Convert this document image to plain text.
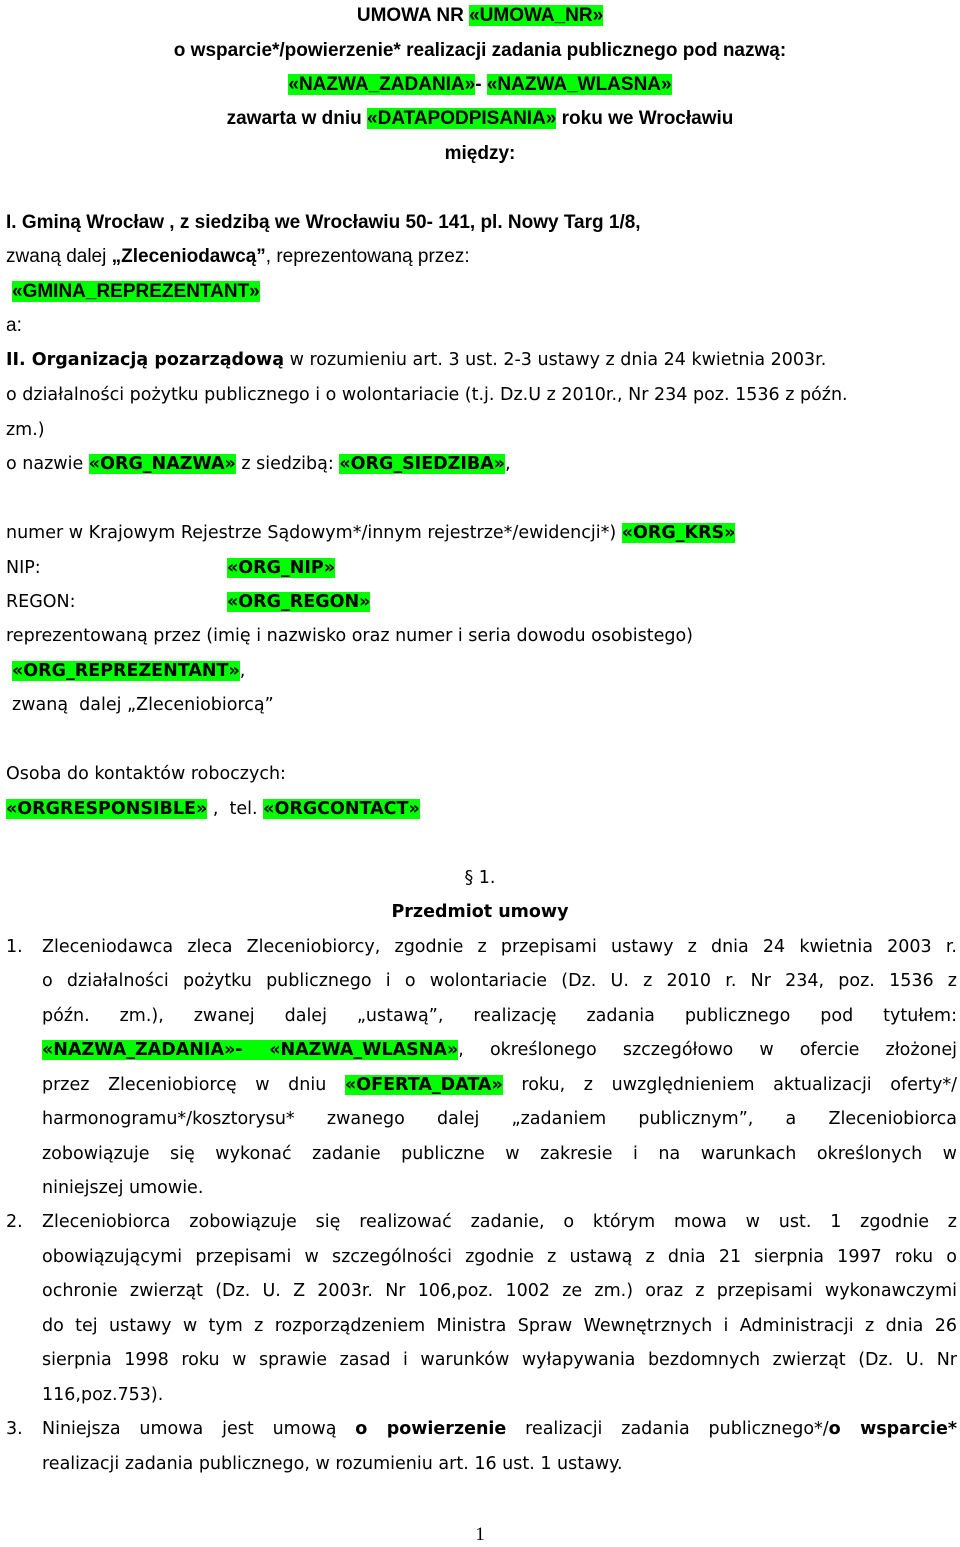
UMOWA NR «UMOWA_NR»
o wsparcie*/powierzenie* realizacji zadania publicznego pod nazwą:
«NAZWA_ZADANIA»- «NAZWA_WLASNA»
zawarta w dniu «DATAPODPISANIA» roku we Wrocławiu
między:
I. Gminą Wrocław , z siedzibą we Wrocławiu 50- 141, pl. Nowy Targ 1/8,
zwaną dalej „Zleceniodawcą”, reprezentowaną przez:
«GMINA_REPREZENTANT»
a:
II. Organizacją pozarządową w rozumieniu art. 3 ust. 2-3 ustawy z dnia 24 kwietnia 2003r.
o działalności pożytku publicznego i o wolontariacie (t.j. Dz.U z 2010r., Nr 234 poz. 1536 z późn.
zm.)
o nazwie «ORG_NAZWA» z siedzibą: «ORG_SIEDZIBA»,
numer w Krajowym Rejestrze Sądowym*/innym rejestrze*/ewidencji*) «ORG_KRS»
NIP:	«ORG_NIP»
REGON:	«ORG_REGON»
reprezentowaną przez (imię i nazwisko oraz numer i seria dowodu osobistego)
«ORG_REPREZENTANT»,
zwaną  dalej „Zleceniobiorcą”
Osoba do kontaktów roboczych:
«ORGRESPONSIBLE» ,  tel. «ORGCONTACT»
§ 1.
Przedmiot umowy
1. Zleceniodawca zleca Zleceniobiorcy, zgodnie z przepisami ustawy z dnia 24 kwietnia 2003 r.
o działalności pożytku publicznego i o wolontariacie (Dz. U. z 2010 r. Nr 234, poz. 1536 z
późn. zm.), zwanej dalej „ustawą”, realizację zadania publicznego pod tytułem:
«NAZWA_ZADANIA»- «NAZWA_WLASNA», określonego szczegółowo w ofercie złożonej
przez Zleceniobiorcę w dniu «OFERTA_DATA» roku, z uwzględnieniem aktualizacji oferty*/
harmonogramu*/kosztorysu* zwanego dalej „zadaniem publicznym”, a Zleceniobiorca
zobowiązuje się wykonać zadanie publiczne w zakresie i na warunkach określonych w
niniejszej umowie.
2. Zleceniobiorca zobowiązuje się realizować zadanie, o którym mowa w ust. 1 zgodnie z
obowiązującymi przepisami w szczególności zgodnie z ustawą z dnia 21 sierpnia 1997 roku o
ochronie zwierząt (Dz. U. Z 2003r. Nr 106,poz. 1002 ze zm.) oraz z przepisami wykonawczymi
do tej ustawy w tym z rozporządzeniem Ministra Spraw Wewnętrznych i Administracji z dnia 26
sierpnia 1998 roku w sprawie zasad i warunków wyłapywania bezdomnych zwierząt (Dz. U. Nr
116,poz.753).
3. Niniejsza umowa jest umową o powierzenie realizacji zadania publicznego*/o wsparcie*
realizacji zadania publicznego, w rozumieniu art. 16 ust. 1 ustawy.
1
